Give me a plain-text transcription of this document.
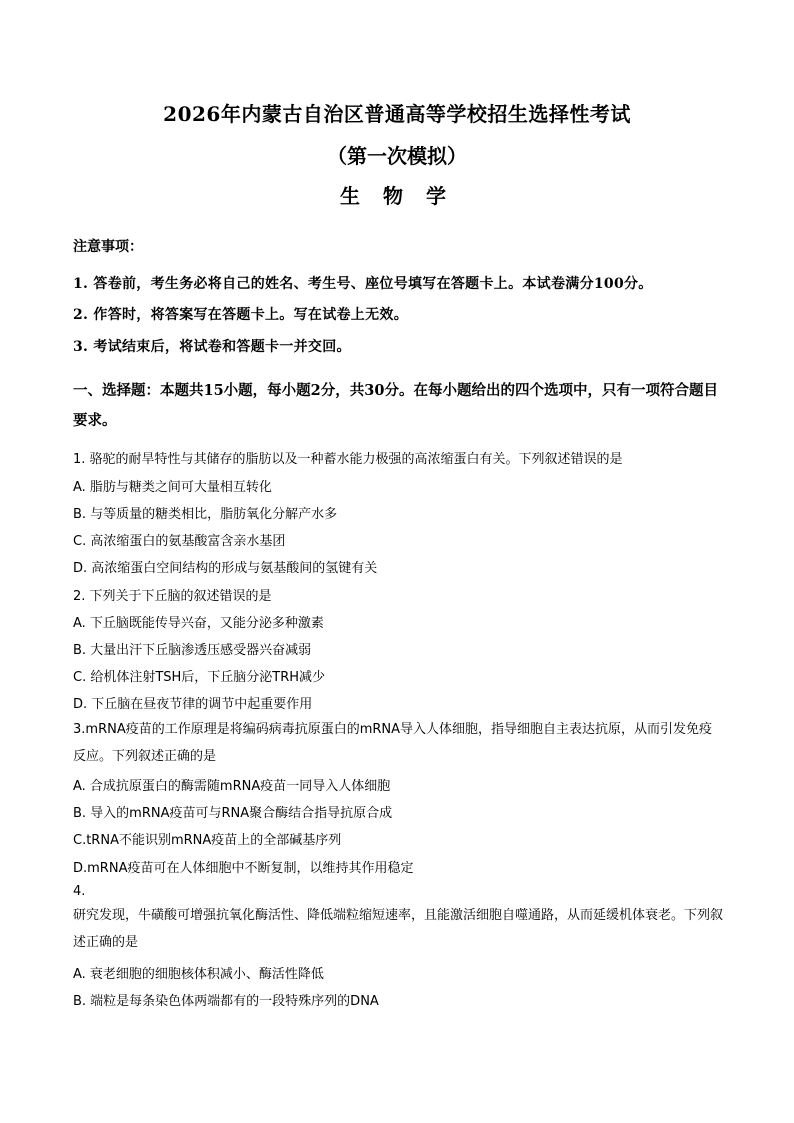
2026年内蒙古自治区普通高等学校招生选择性考试
（第一次模拟）
生 物 学
注意事项：
1. 答卷前，考生务必将自己的姓名、考生号、座位号填写在答题卡上。本试卷满分100分。
2. 作答时，将答案写在答题卡上。写在试卷上无效。
3. 考试结束后，将试卷和答题卡一并交回。
一、选择题：本题共15小题，每小题2分，共30分。在每小题给出的四个选项中，只有一项符合题目要求。
1. 骆驼的耐旱特性与其储存的脂肪以及一种蓄水能力极强的高浓缩蛋白有关。下列叙述错误的是
A. 脂肪与糖类之间可大量相互转化
B. 与等质量的糖类相比，脂肪氧化分解产水多
C. 高浓缩蛋白的氨基酸富含亲水基团
D. 高浓缩蛋白空间结构的形成与氨基酸间的氢键有关
2. 下列关于下丘脑的叙述错误的是
A. 下丘脑既能传导兴奋，又能分泌多种激素
B. 大量出汗下丘脑渗透压感受器兴奋减弱
C. 给机体注射TSH后，下丘脑分泌TRH减少
D. 下丘脑在昼夜节律的调节中起重要作用
3.mRNA疫苗的工作原理是将编码病毒抗原蛋白的mRNA导入人体细胞，指导细胞自主表达抗原，从而引发免疫反应。下列叙述正确的是
A. 合成抗原蛋白的酶需随mRNA疫苗一同导入人体细胞
B. 导入的mRNA疫苗可与RNA聚合酶结合指导抗原合成
C.tRNA不能识别mRNA疫苗上的全部碱基序列
D.mRNA疫苗可在人体细胞中不断复制，以维持其作用稳定
4.
研究发现，牛磺酸可增强抗氧化酶活性、降低端粒缩短速率，且能激活细胞自噬通路，从而延缓机体衰老。下列叙述正确的是
A. 衰老细胞的细胞核体积减小、酶活性降低
B. 端粒是每条染色体两端都有的一段特殊序列的DNA
